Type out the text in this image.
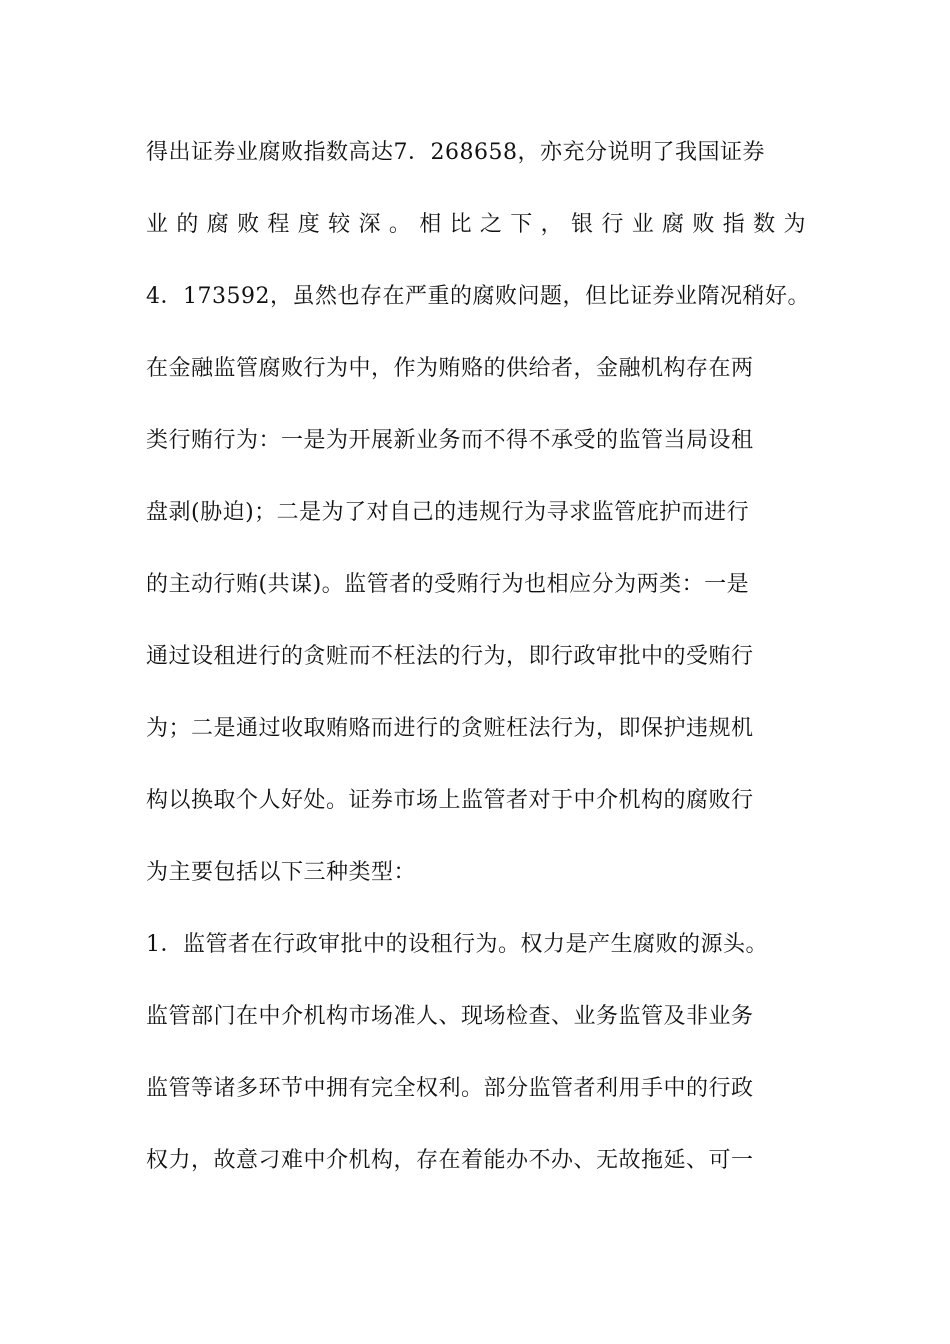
得出证券业腐败指数高达7．268658，亦充分说明了我国证券
业的腐败程度较深。相比之下，银行业腐败指数为
4．173592，虽然也存在严重的腐败问题，但比证券业隋况稍好。
在金融监管腐败行为中，作为贿赂的供给者，金融机构存在两
类行贿行为：一是为开展新业务而不得不承受的监管当局设租
盘剥(胁迫)；二是为了对自己的违规行为寻求监管庇护而进行
的主动行贿(共谋)。监管者的受贿行为也相应分为两类：一是
通过设租进行的贪赃而不枉法的行为，即行政审批中的受贿行
为；二是通过收取贿赂而进行的贪赃枉法行为，即保护违规机
构以换取个人好处。证券市场上监管者对于中介机构的腐败行
为主要包括以下三种类型：
1．监管者在行政审批中的设租行为。权力是产生腐败的源头。
监管部门在中介机构市场准人、现场检查、业务监管及非业务
监管等诸多环节中拥有完全权利。部分监管者利用手中的行政
权力，故意刁难中介机构，存在着能办不办、无故拖延、可一
